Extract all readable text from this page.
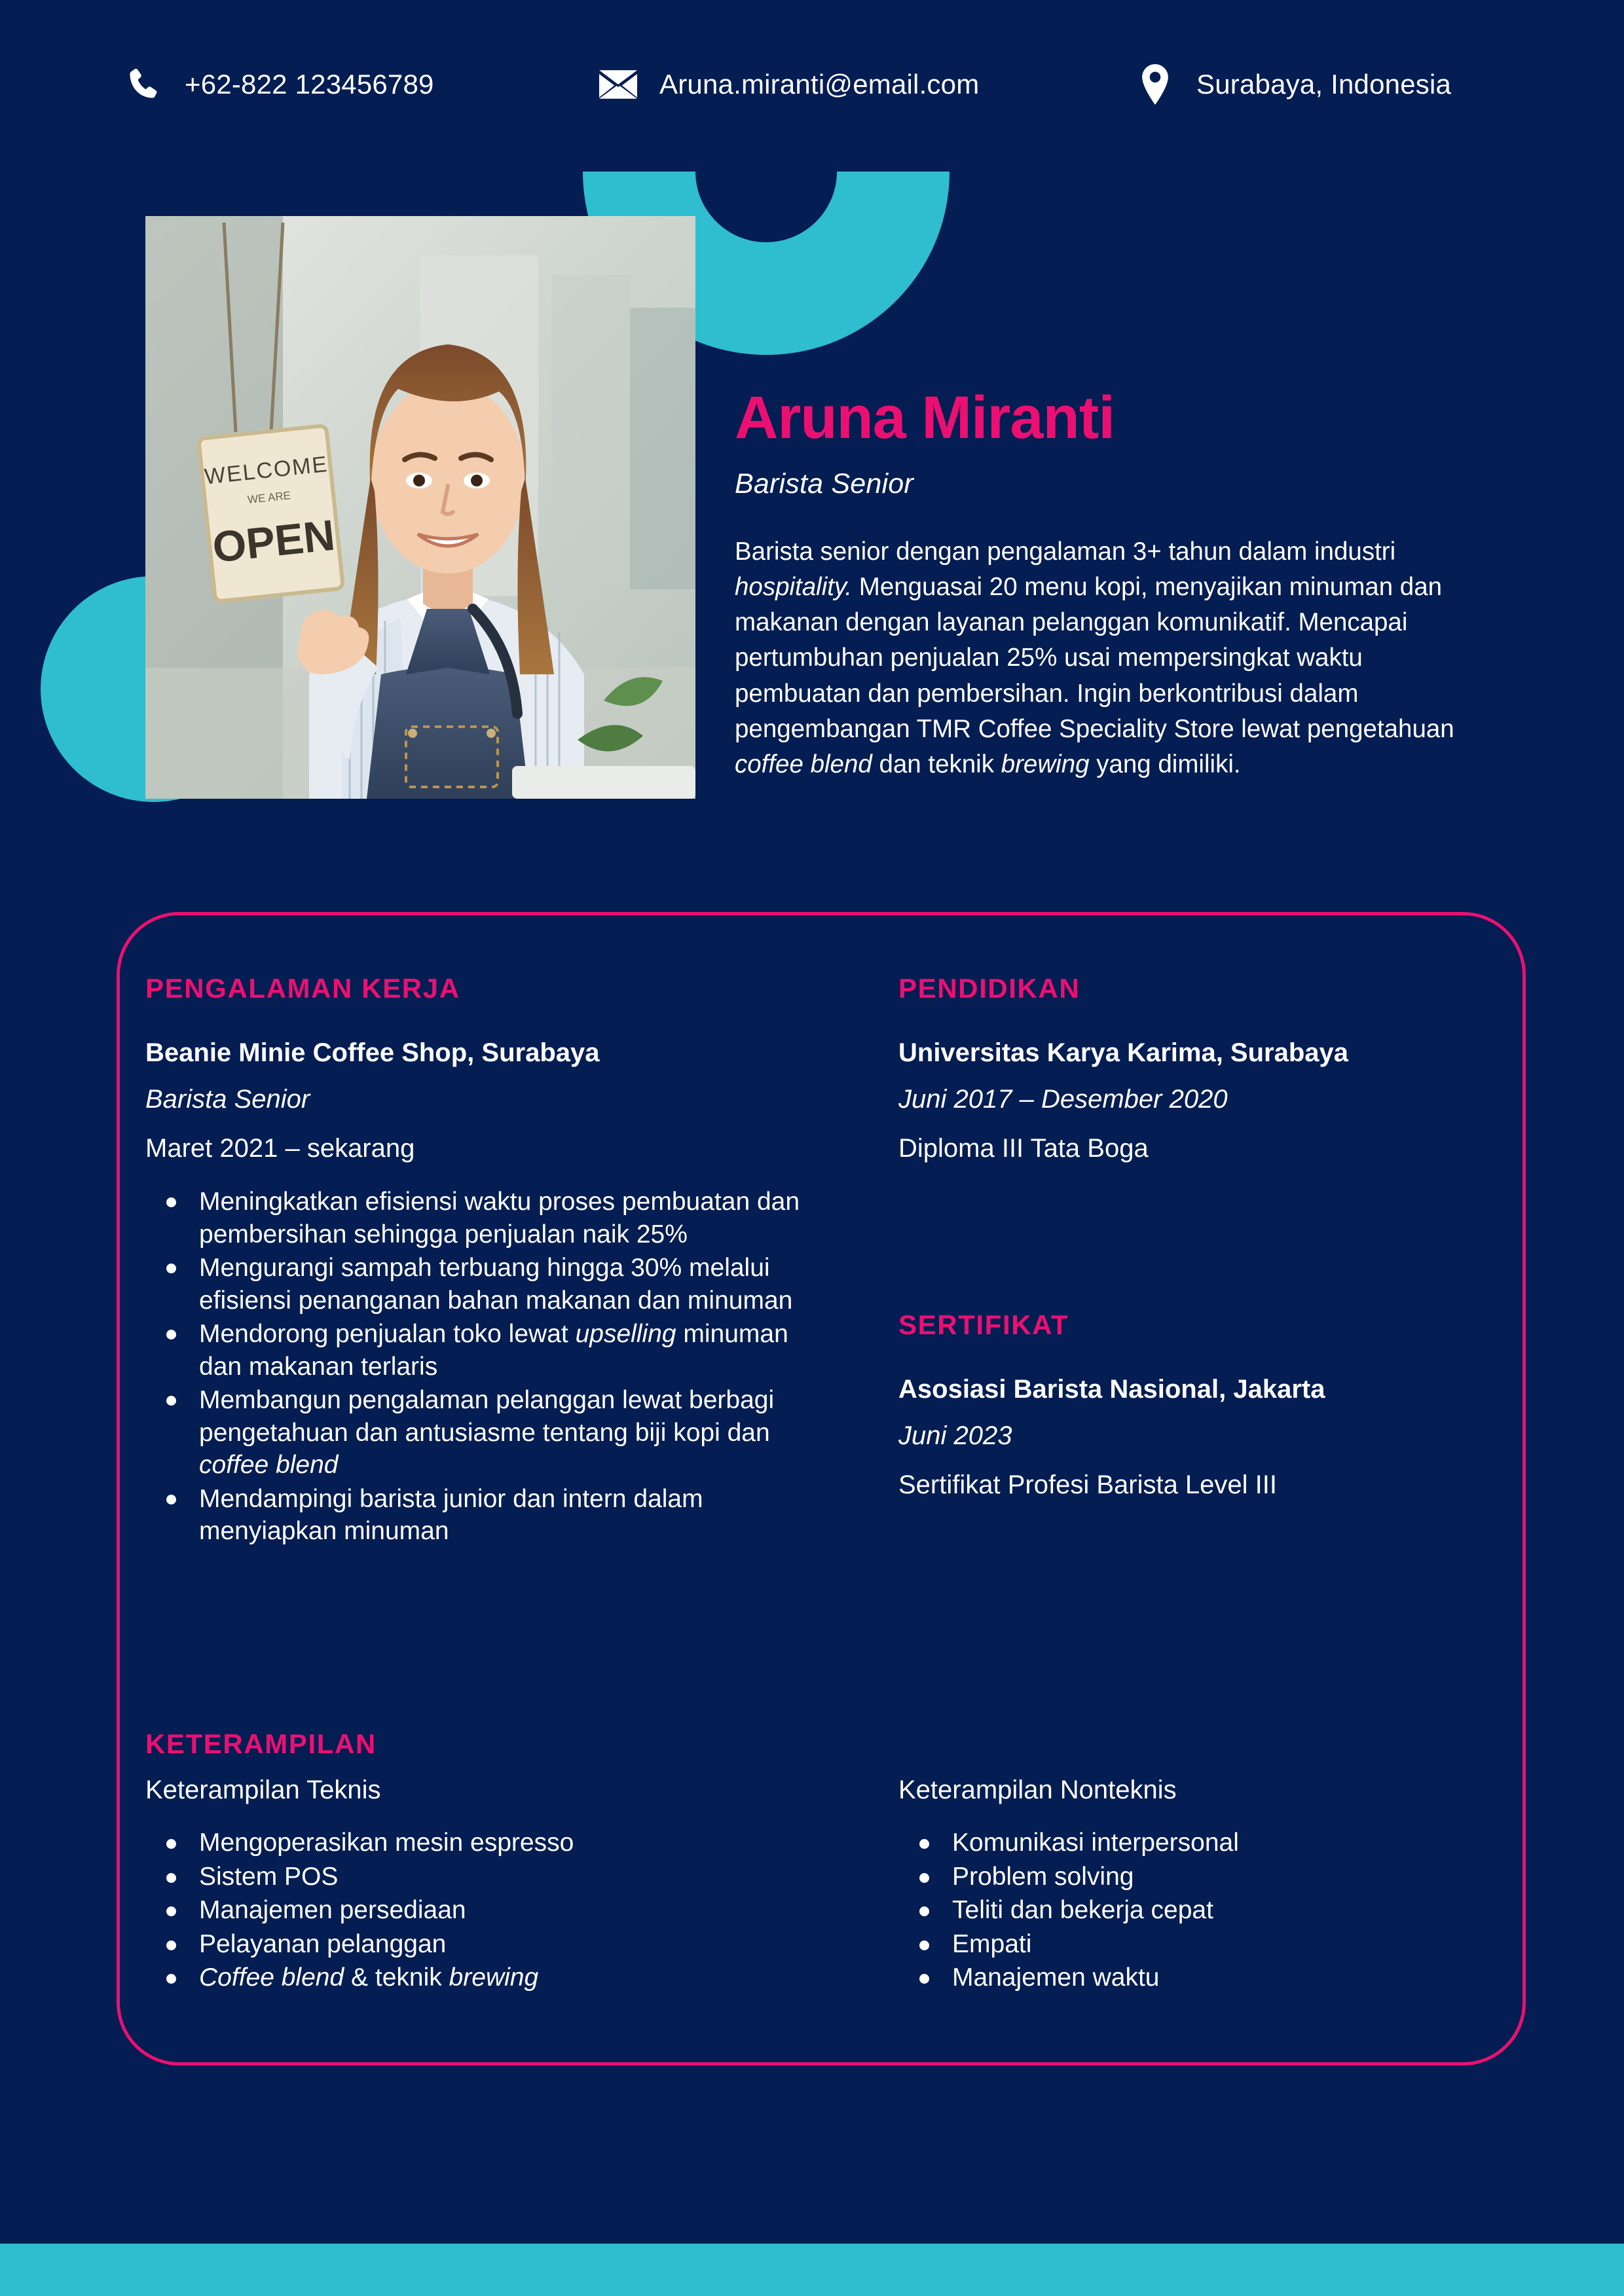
+62-822 123456789	Aruna.miranti@email.com	Surabaya, Indonesia
WELCOME
WE ARE
OPEN
Aruna Miranti
Barista Senior

Barista senior dengan pengalaman 3+ tahun dalam industri hospitality. Menguasai 20 menu kopi, menyajikan minuman dan makanan dengan layanan pelanggan komunikatif. Mencapai pertumbuhan penjualan 25% usai mempersingkat waktu pembuatan dan pembersihan. Ingin berkontribusi dalam pengembangan TMR Coffee Speciality Store lewat pengetahuan coffee blend dan teknik brewing yang dimiliki.

PENGALAMAN KERJA
Beanie Minie Coffee Shop, Surabaya
Barista Senior
Maret 2021 – sekarang
Meningkatkan efisiensi waktu proses pembuatan dan pembersihan sehingga penjualan naik 25%
Mengurangi sampah terbuang hingga 30% melalui efisiensi penanganan bahan makanan dan minuman
Mendorong penjualan toko lewat upselling minuman dan makanan terlaris
Membangun pengalaman pelanggan lewat berbagi pengetahuan dan antusiasme tentang biji kopi dan coffee blend
Mendampingi barista junior dan intern dalam menyiapkan minuman
PENDIDIKAN
Universitas Karya Karima, Surabaya
Juni 2017 – Desember 2020
Diploma III Tata Boga
SERTIFIKAT
Asosiasi Barista Nasional, Jakarta
Juni 2023
Sertifikat Profesi Barista Level III
KETERAMPILAN
Keterampilan Teknis
Mengoperasikan mesin espresso
Sistem POS
Manajemen persediaan
Pelayanan pelanggan
Coffee blend & teknik brewing
Keterampilan Nonteknis
Komunikasi interpersonal
Problem solving
Teliti dan bekerja cepat
Empati
Manajemen waktu
